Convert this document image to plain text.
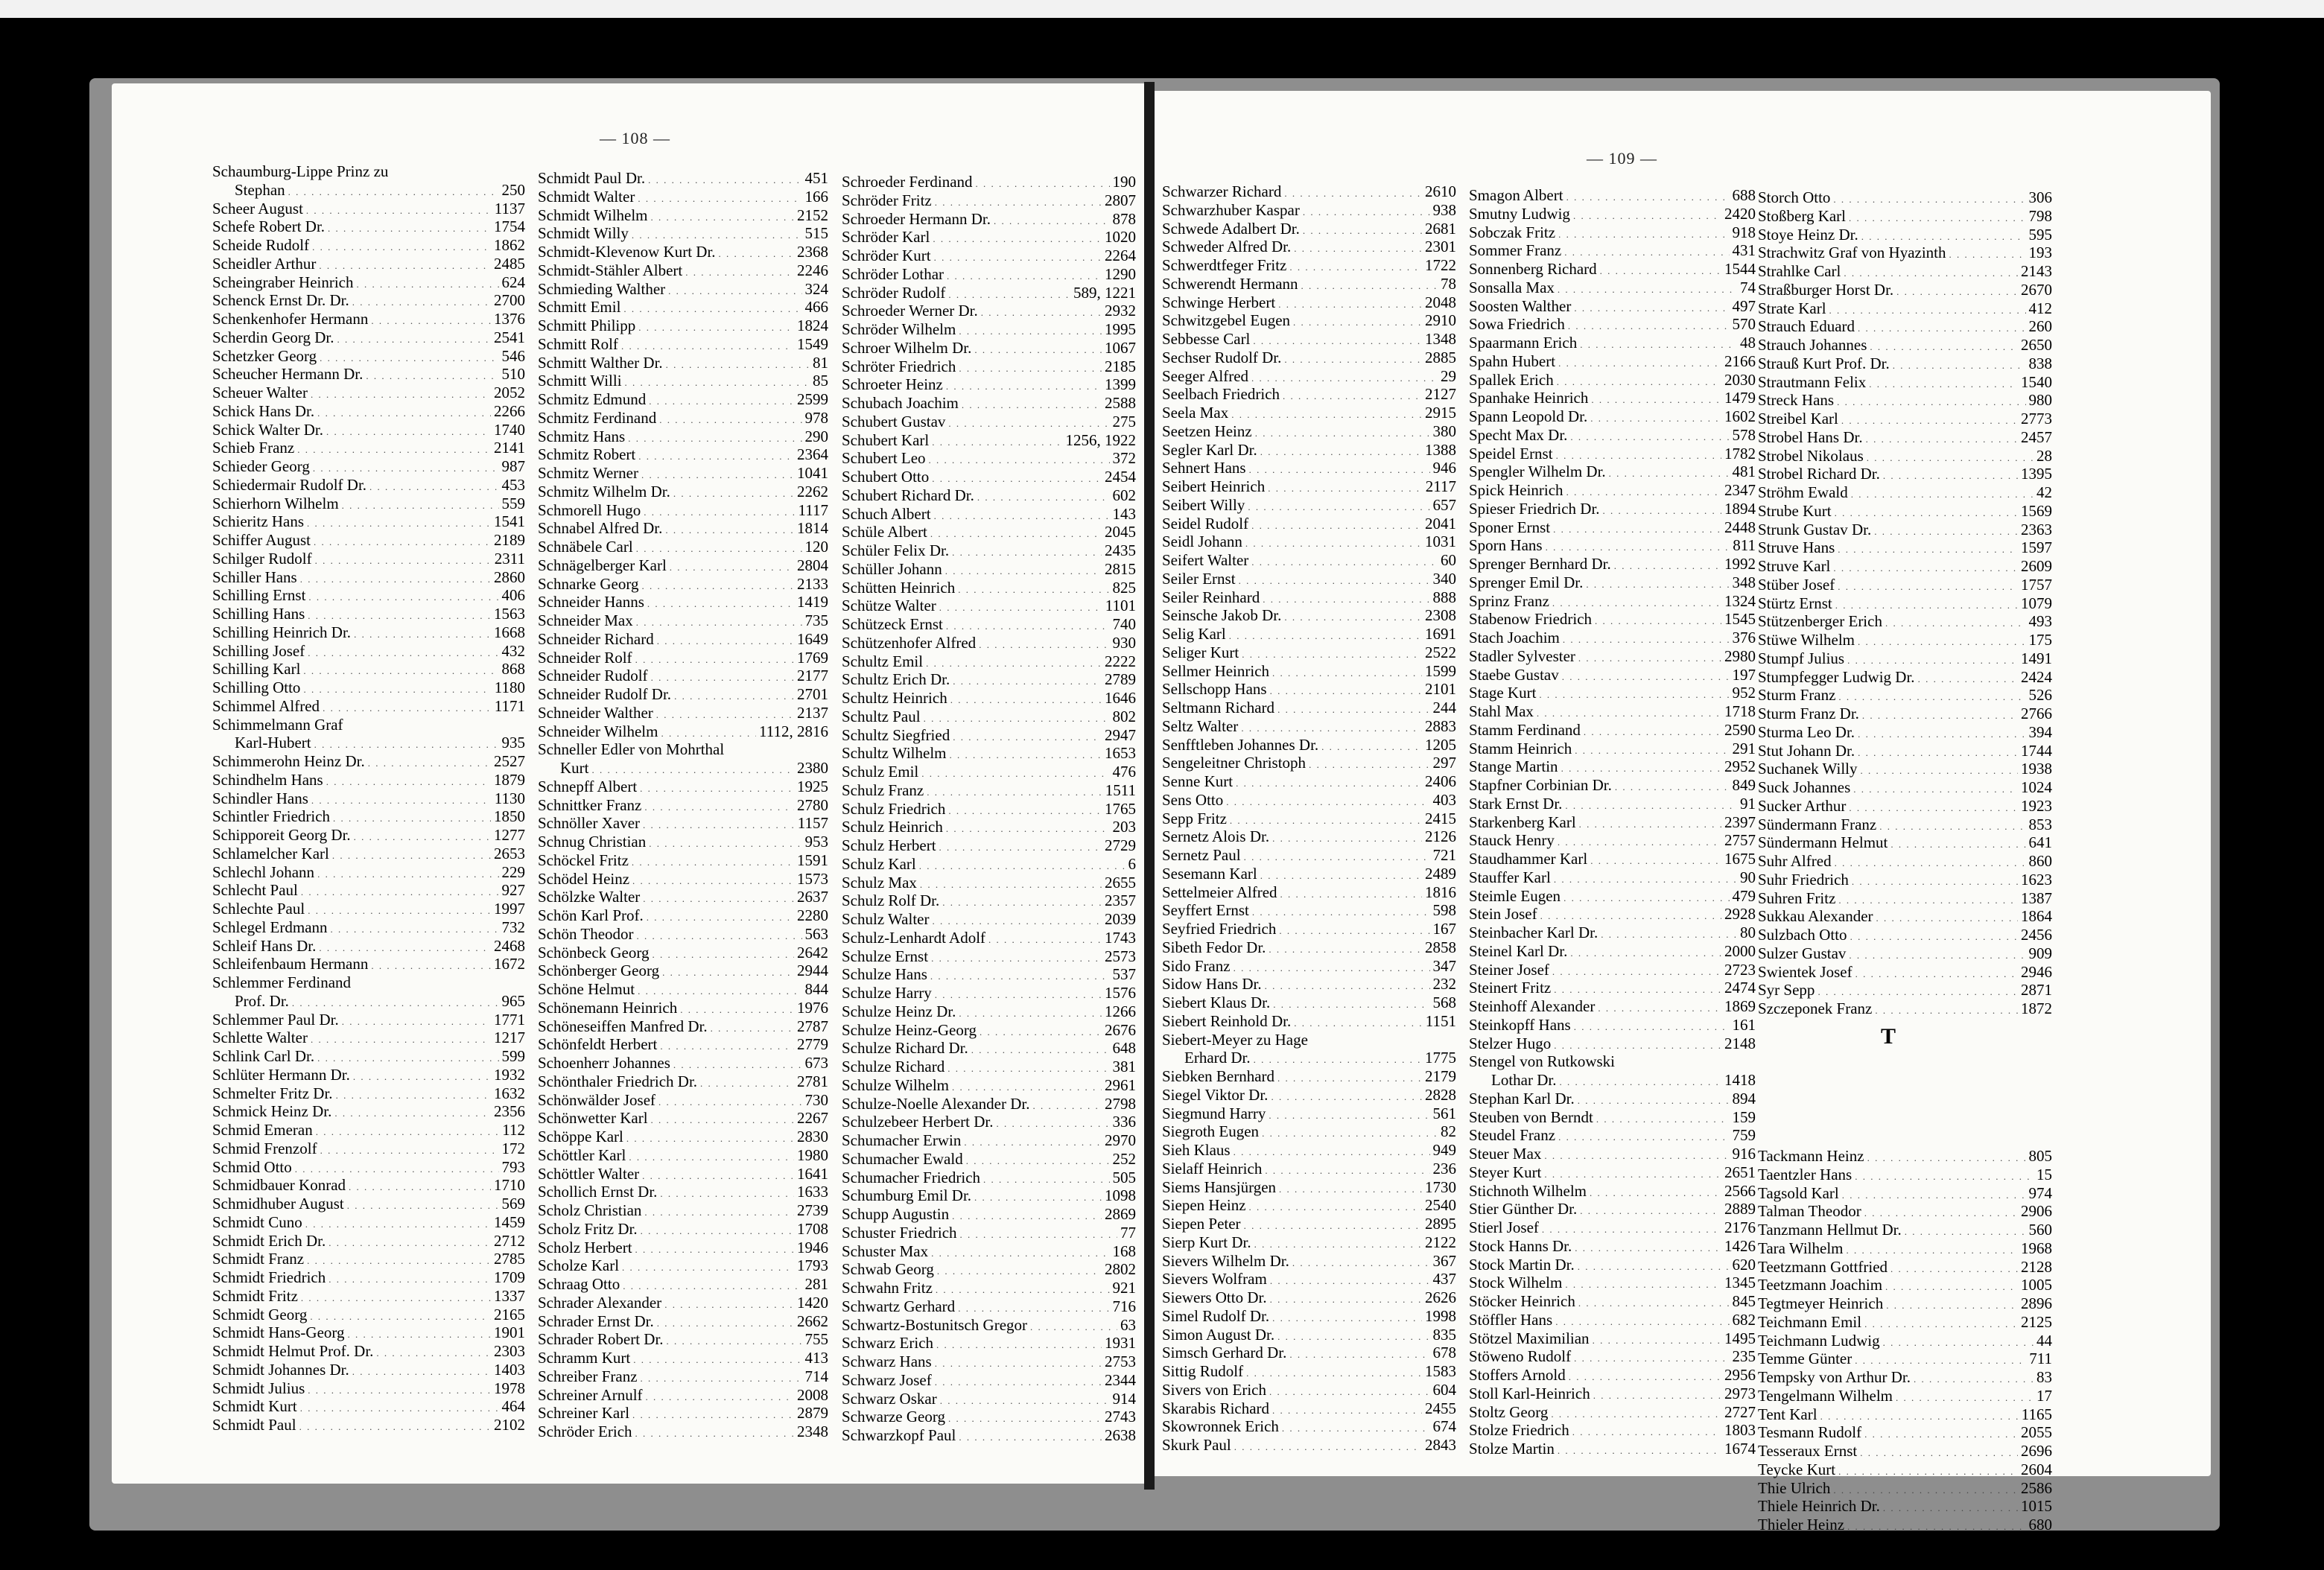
— 108 —
— 109 —
Schaumburg-Lippe Prinz zu
Stephan . . .	250
Scheer August . . .	1137
Schefe Robert Dr. . . .	1754
Scheide Rudolf . . .	1862
Scheidler Arthur . . .	2485
Scheingraber Heinrich . . .	624
Schenck Ernst Dr. Dr. . . .	2700
Schenkenhofer Hermann . . .	1376
Scherdin Georg Dr. . . .	2541
Schetzker Georg . . .	546
Scheucher Hermann Dr. . . .	510
Scheuer Walter . . .	2052
Schick Hans Dr. . . .	2266
Schick Walter Dr. . . .	1740
Schieb Franz . . .	2141
Schieder Georg . . .	987
Schiedermair Rudolf Dr. . . .	453
Schierhorn Wilhelm . . .	559
Schieritz Hans . . .	1541
Schiffer August . . .	2189
Schilger Rudolf . . .	2311
Schiller Hans . . .	2860
Schilling Ernst . . .	406
Schilling Hans . . .	1563
Schilling Heinrich Dr. . . .	1668
Schilling Josef . . .	432
Schilling Karl . . .	868
Schilling Otto . . .	1180
Schimmel Alfred . . .	1171
Schimmelmann Graf
Karl-Hubert . . .	935
Schimmerohn Heinz Dr. . . .	2527
Schindhelm Hans . . .	1879
Schindler Hans . . .	1130
Schintler Friedrich . . .	1850
Schipporeit Georg Dr. . . .	1277
Schlamelcher Karl . . .	2653
Schlechl Johann . . .	229
Schlecht Paul . . .	927
Schlechte Paul . . .	1997
Schlegel Erdmann . . .	732
Schleif Hans Dr. . . .	2468
Schleifenbaum Hermann . . .	1672
Schlemmer Ferdinand
Prof. Dr. . . .	965
Schlemmer Paul Dr. . . .	1771
Schlette Walter . . .	1217
Schlink Carl Dr. . . .	599
Schlüter Hermann Dr. . . .	1932
Schmelter Fritz Dr. . . .	1632
Schmick Heinz Dr. . . .	2356
Schmid Emeran . . .	112
Schmid Frenzolf . . .	172
Schmid Otto . . .	793
Schmidbauer Konrad . . .	1710
Schmidhuber August . . .	569
Schmidt Cuno . . .	1459
Schmidt Erich Dr. . . .	2712
Schmidt Franz . . .	2785
Schmidt Friedrich . . .	1709
Schmidt Fritz . . .	1337
Schmidt Georg . . .	2165
Schmidt Hans-Georg . . .	1901
Schmidt Helmut Prof. Dr. . . .	2303
Schmidt Johannes Dr. . . .	1403
Schmidt Julius . . .	1978
Schmidt Kurt . . .	464
Schmidt Paul . . .	2102
Schmidt Paul Dr. . . .	451
Schmidt Walter . . .	166
Schmidt Wilhelm . . .	2152
Schmidt Willy . . .	515
Schmidt-Klevenow Kurt Dr. . . .	2368
Schmidt-Stähler Albert . . .	2246
Schmieding Walther . . .	324
Schmitt Emil . . .	466
Schmitt Philipp . . .	1824
Schmitt Rolf . . .	1549
Schmitt Walther Dr. . . .	81
Schmitt Willi . . .	85
Schmitz Edmund . . .	2599
Schmitz Ferdinand . . .	978
Schmitz Hans . . .	290
Schmitz Robert . . .	2364
Schmitz Werner . . .	1041
Schmitz Wilhelm Dr. . . .	2262
Schmorell Hugo . . .	1117
Schnabel Alfred Dr. . . .	1814
Schnäbele Carl . . .	120
Schnägelberger Karl . . .	2804
Schnarke Georg . . .	2133
Schneider Hanns . . .	1419
Schneider Max . . .	735
Schneider Richard . . .	1649
Schneider Rolf . . .	1769
Schneider Rudolf . . .	2177
Schneider Rudolf Dr. . . .	2701
Schneider Walther . . .	2137
Schneider Wilhelm . . .	1112, 2816
Schneller Edler von Mohrthal
Kurt . . .	2380
Schnepff Albert . . .	1925
Schnittker Franz . . .	2780
Schnöller Xaver . . .	1157
Schnug Christian . . .	953
Schöckel Fritz . . .	1591
Schödel Heinz . . .	1573
Schölzke Walter . . .	2637
Schön Karl Prof. . . .	2280
Schön Theodor . . .	563
Schönbeck Georg . . .	2642
Schönberger Georg . . .	2944
Schöne Helmut . . .	844
Schönemann Heinrich . . .	1976
Schöneseiffen Manfred Dr. . . .	2787
Schönfeldt Herbert . . .	2779
Schoenherr Johannes . . .	673
Schönthaler Friedrich Dr. . . .	2781
Schönwälder Josef . . .	730
Schönwetter Karl . . .	2267
Schöppe Karl . . .	2830
Schöttler Karl . . .	1980
Schöttler Walter . . .	1641
Schollich Ernst Dr. . . .	1633
Scholz Christian . . .	2739
Scholz Fritz Dr. . . .	1708
Scholz Herbert . . .	1946
Scholze Karl . . .	1793
Schraag Otto . . .	281
Schrader Alexander . . .	1420
Schrader Ernst Dr. . . .	2662
Schrader Robert Dr. . . .	755
Schramm Kurt . . .	413
Schreiber Franz . . .	714
Schreiner Arnulf . . .	2008
Schreiner Karl . . .	2879
Schröder Erich . . .	2348
Schroeder Ferdinand . . .	190
Schröder Fritz . . .	2807
Schroeder Hermann Dr. . . .	878
Schröder Karl . . .	1020
Schröder Kurt . . .	2264
Schröder Lothar . . .	1290
Schröder Rudolf . . .	589, 1221
Schroeder Werner Dr. . . .	2932
Schröder Wilhelm . . .	1995
Schroer Wilhelm Dr. . . .	1067
Schröter Friedrich . . .	2185
Schroeter Heinz . . .	1399
Schubach Joachim . . .	2588
Schubert Gustav . . .	275
Schubert Karl . . .	1256, 1922
Schubert Leo . . .	372
Schubert Otto . . .	2454
Schubert Richard Dr. . . .	602
Schuch Albert . . .	143
Schüle Albert . . .	2045
Schüler Felix Dr. . . .	2435
Schüller Johann . . .	2815
Schütten Heinrich . . .	825
Schütze Walter . . .	1101
Schützeck Ernst . . .	740
Schützenhofer Alfred . . .	930
Schultz Emil . . .	2222
Schultz Erich Dr. . . .	2789
Schultz Heinrich . . .	1646
Schultz Paul . . .	802
Schultz Siegfried . . .	2947
Schultz Wilhelm . . .	1653
Schulz Emil . . .	476
Schulz Franz . . .	1511
Schulz Friedrich . . .	1765
Schulz Heinrich . . .	203
Schulz Herbert . . .	2729
Schulz Karl . . .	6
Schulz Max . . .	2655
Schulz Rolf Dr. . . .	2357
Schulz Walter . . .	2039
Schulz-Lenhardt Adolf . . .	1743
Schulze Ernst . . .	2573
Schulze Hans . . .	537
Schulze Harry . . .	1576
Schulze Heinz Dr. . . .	1266
Schulze Heinz-Georg . . .	2676
Schulze Richard Dr. . . .	648
Schulze Richard . . .	381
Schulze Wilhelm . . .	2961
Schulze-Noelle Alexander Dr. . . .	2798
Schulzebeer Herbert Dr. . . .	336
Schumacher Erwin . . .	2970
Schumacher Ewald . . .	252
Schumacher Friedrich . . .	505
Schumburg Emil Dr. . . .	1098
Schupp Augustin . . .	2869
Schuster Friedrich . . .	77
Schuster Max . . .	168
Schwab Georg . . .	2802
Schwahn Fritz . . .	921
Schwartz Gerhard . . .	716
Schwartz-Bostunitsch Gregor . . .	63
Schwarz Erich . . .	1931
Schwarz Hans . . .	2753
Schwarz Josef . . .	2344
Schwarz Oskar . . .	914
Schwarze Georg . . .	2743
Schwarzkopf Paul . . .	2638
Schwarzer Richard . . .	2610
Schwarzhuber Kaspar . . .	938
Schwede Adalbert Dr. . . .	2681
Schweder Alfred Dr. . . .	2301
Schwerdtfeger Fritz . . .	1722
Schwerendt Hermann . . .	78
Schwinge Herbert . . .	2048
Schwitzgebel Eugen . . .	2910
Sebbesse Carl . . .	1348
Sechser Rudolf Dr. . . .	2885
Seeger Alfred . . .	29
Seelbach Friedrich . . .	2127
Seela Max . . .	2915
Seetzen Heinz . . .	380
Segler Karl Dr. . . .	1388
Sehnert Hans . . .	946
Seibert Heinrich . . .	2117
Seibert Willy . . .	657
Seidel Rudolf . . .	2041
Seidl Johann . . .	1031
Seifert Walter . . .	60
Seiler Ernst . . .	340
Seiler Reinhard . . .	888
Seinsche Jakob Dr. . . .	2308
Selig Karl . . .	1691
Seliger Kurt . . .	2522
Sellmer Heinrich . . .	1599
Sellschopp Hans . . .	2101
Seltmann Richard . . .	244
Seltz Walter . . .	2883
Senfftleben Johannes Dr. . . .	1205
Sengeleitner Christoph . . .	297
Senne Kurt . . .	2406
Sens Otto . . .	403
Sepp Fritz . . .	2415
Sernetz Alois Dr. . . .	2126
Sernetz Paul . . .	721
Sesemann Karl . . .	2489
Settelmeier Alfred . . .	1816
Seyffert Ernst . . .	598
Seyfried Friedrich . . .	167
Sibeth Fedor Dr. . . .	2858
Sido Franz . . .	347
Sidow Hans Dr. . . .	232
Siebert Klaus Dr. . . .	568
Siebert Reinhold Dr. . . .	1151
Siebert-Meyer zu Hage
Erhard Dr. . . .	1775
Siebken Bernhard . . .	2179
Siegel Viktor Dr. . . .	2828
Siegmund Harry . . .	561
Siegroth Eugen . . .	82
Sieh Klaus . . .	949
Sielaff Heinrich . . .	236
Siems Hansjürgen . . .	1730
Siepen Heinz . . .	2540
Siepen Peter . . .	2895
Sierp Kurt Dr. . . .	2122
Sievers Wilhelm Dr. . . .	367
Sievers Wolfram . . .	437
Siewers Otto Dr. . . .	2626
Simel Rudolf Dr. . . .	1998
Simon August Dr. . . .	835
Simsch Gerhard Dr. . . .	678
Sittig Rudolf . . .	1583
Sivers von Erich . . .	604
Skarabis Richard . . .	2455
Skowronnek Erich . . .	674
Skurk Paul . . .	2843
Smagon Albert . . .	688
Smutny Ludwig . . .	2420
Sobczak Fritz . . .	918
Sommer Franz . . .	431
Sonnenberg Richard . . .	1544
Sonsalla Max . . .	74
Soosten Walther . . .	497
Sowa Friedrich . . .	570
Spaarmann Erich . . .	48
Spahn Hubert . . .	2166
Spallek Erich . . .	2030
Spanhake Heinrich . . .	1479
Spann Leopold Dr. . . .	1602
Specht Max Dr. . . .	578
Speidel Ernst . . .	1782
Spengler Wilhelm Dr. . . .	481
Spick Heinrich . . .	2347
Spieser Friedrich Dr. . . .	1894
Sponer Ernst . . .	2448
Sporn Hans . . .	811
Sprenger Bernhard Dr. . . .	1992
Sprenger Emil Dr. . . .	348
Sprinz Franz . . .	1324
Stabenow Friedrich . . .	1545
Stach Joachim . . .	376
Stadler Sylvester . . .	2980
Staebe Gustav . . .	197
Stage Kurt . . .	952
Stahl Max . . .	1718
Stamm Ferdinand . . .	2590
Stamm Heinrich . . .	291
Stange Martin . . .	2952
Stapfner Corbinian Dr. . . .	849
Stark Ernst Dr. . . .	91
Starkenberg Karl . . .	2397
Stauck Henry . . .	2757
Staudhammer Karl . . .	1675
Stauffer Karl . . .	90
Steimle Eugen . . .	479
Stein Josef . . .	2928
Steinbacher Karl Dr. . . .	80
Steinel Karl Dr. . . .	2000
Steiner Josef . . .	2723
Steinert Fritz . . .	2474
Steinhoff Alexander . . .	1869
Steinkopff Hans . . .	161
Stelzer Hugo . . .	2148
Stengel von Rutkowski
Lothar Dr. . . .	1418
Stephan Karl Dr. . . .	894
Steuben von Berndt . . .	159
Steudel Franz . . .	759
Steuer Max . . .	916
Steyer Kurt . . .	2651
Stichnoth Wilhelm . . .	2566
Stier Günther Dr. . . .	2889
Stierl Josef . . .	2176
Stock Hanns Dr. . . .	1426
Stock Martin Dr. . . .	620
Stock Wilhelm . . .	1345
Stöcker Heinrich . . .	845
Stöffler Hans . . .	682
Stötzel Maximilian . . .	1495
Stöweno Rudolf . . .	235
Stoffers Arnold . . .	2956
Stoll Karl-Heinrich . . .	2973
Stoltz Georg . . .	2727
Stolze Friedrich . . .	1803
Stolze Martin . . .	1674
Storch Otto . . .	306
Stoßberg Karl . . .	798
Stoye Heinz Dr. . . .	595
Strachwitz Graf von Hyazinth . . .	193
Strahlke Carl . . .	2143
Straßburger Horst Dr. . . .	2670
Strate Karl . . .	412
Strauch Eduard . . .	260
Strauch Johannes . . .	2650
Strauß Kurt Prof. Dr. . . .	838
Strautmann Felix . . .	1540
Streck Hans . . .	980
Streibel Karl . . .	2773
Strobel Hans Dr. . . .	2457
Strobel Nikolaus . . .	28
Strobel Richard Dr. . . .	1395
Ströhm Ewald . . .	42
Strube Kurt . . .	1569
Strunk Gustav Dr. . . .	2363
Struve Hans . . .	1597
Struve Karl . . .	2609
Stüber Josef . . .	1757
Stürtz Ernst . . .	1079
Stützenberger Erich . . .	493
Stüwe Wilhelm . . .	175
Stumpf Julius . . .	1491
Stumpfegger Ludwig Dr. . . .	2424
Sturm Franz . . .	526
Sturm Franz Dr. . . .	2766
Sturma Leo Dr. . . .	394
Stut Johann Dr. . . .	1744
Suchanek Willy . . .	1938
Suck Johannes . . .	1024
Sucker Arthur . . .	1923
Sündermann Franz . . .	853
Sündermann Helmut . . .	641
Suhr Alfred . . .	860
Suhr Friedrich . . .	1623
Suhren Fritz . . .	1387
Sukkau Alexander . . .	1864
Sulzbach Otto . . .	2456
Sulzer Gustav . . .	909
Swientek Josef . . .	2946
Syr Sepp . . .	2871
Szczeponek Franz . . .	1872
Tackmann Heinz . . .	805
Taentzler Hans . . .	15
Tagsold Karl . . .	974
Talman Theodor . . .	2906
Tanzmann Hellmut Dr. . . .	560
Tara Wilhelm . . .	1968
Teetzmann Gottfried . . .	2128
Teetzmann Joachim . . .	1005
Tegtmeyer Heinrich . . .	2896
Teichmann Emil . . .	2125
Teichmann Ludwig . . .	44
Temme Günter . . .	711
Tempsky von Arthur Dr. . . .	83
Tengelmann Wilhelm . . .	17
Tent Karl . . .	1165
Tesmann Rudolf . . .	2055
Tesseraux Ernst . . .	2696
Teycke Kurt . . .	2604
Thie Ulrich . . .	2586
Thiele Heinrich Dr. . . .	1015
Thieler Heinz . . .	680
T
